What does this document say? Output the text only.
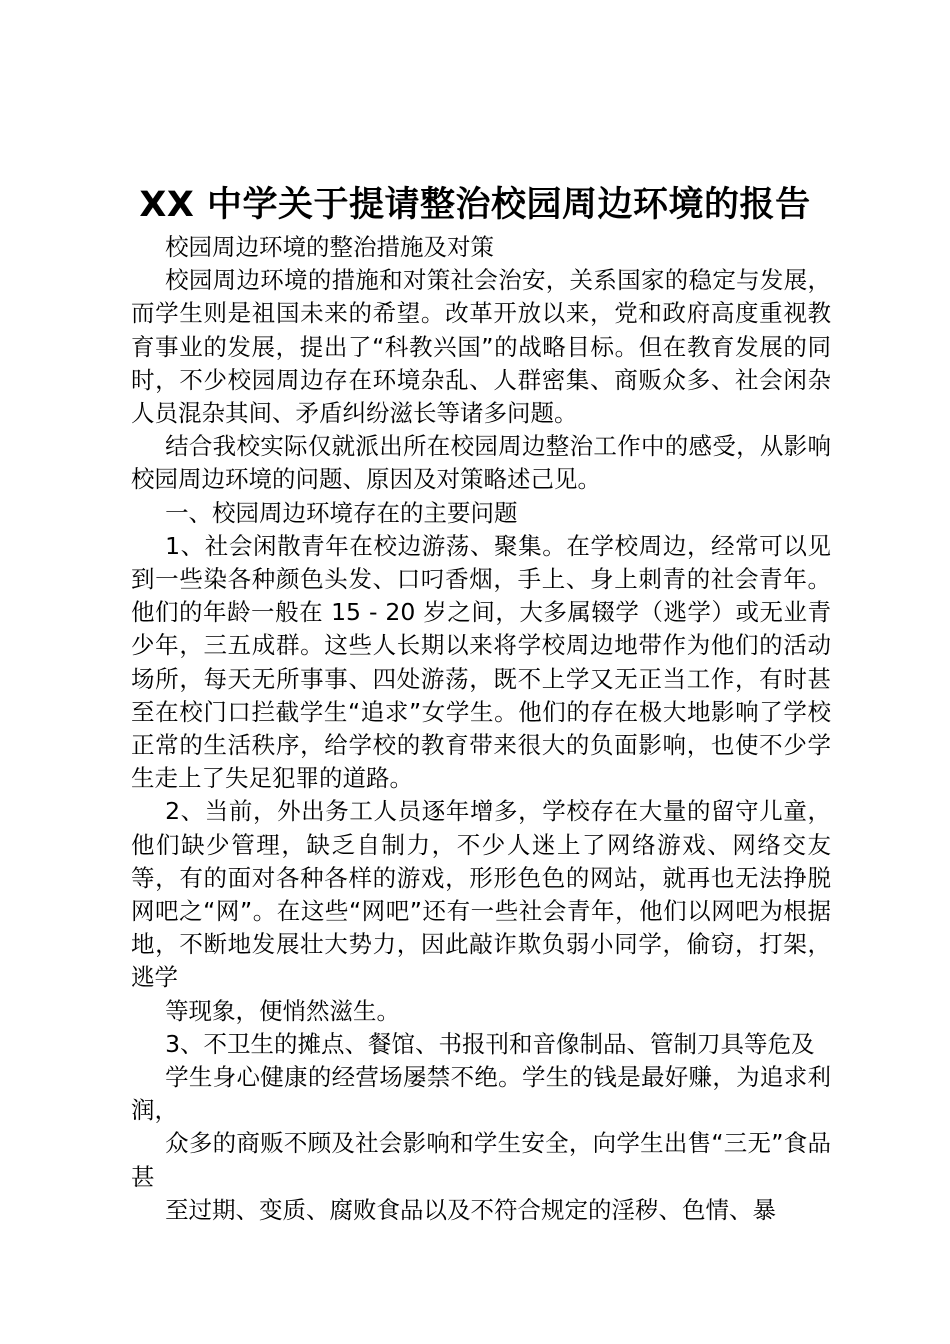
XX 中学关于提请整治校园周边环境的报告

校园周边环境的整治措施及对策

校园周边环境的措施和对策社会治安，关系国家的稳定与发展，而学生则是祖国未来的希望。改革开放以来，党和政府高度重视教育事业的发展，提出了“科教兴国”的战略目标。但在教育发展的同时，不少校园周边存在环境杂乱、人群密集、商贩众多、社会闲杂人员混杂其间、矛盾纠纷滋长等诸多问题。

结合我校实际仅就派出所在校园周边整治工作中的感受，从影响校园周边环境的问题、原因及对策略述己见。

一、校园周边环境存在的主要问题

1、社会闲散青年在校边游荡、聚集。在学校周边，经常可以见到一些染各种颜色头发、口叼香烟，手上、身上刺青的社会青年。他们的年龄一般在 15 - 20 岁之间，大多属辍学（逃学）或无业青少年，三五成群。这些人长期以来将学校周边地带作为他们的活动场所，每天无所事事、四处游荡，既不上学又无正当工作，有时甚至在校门口拦截学生“追求”女学生。他们的存在极大地影响了学校正常的生活秩序，给学校的教育带来很大的负面影响，也使不少学生走上了失足犯罪的道路。

2、当前，外出务工人员逐年增多，学校存在大量的留守儿童，他们缺少管理，缺乏自制力，不少人迷上了网络游戏、网络交友等，有的面对各种各样的游戏，形形色色的网站，就再也无法挣脱网吧之“网”。在这些“网吧”还有一些社会青年，他们以网吧为根据地，不断地发展壮大势力，因此敲诈欺负弱小同学，偷窃，打架，逃学

等现象，便悄然滋生。

3、不卫生的摊点、餐馆、书报刊和音像制品、管制刀具等危及

学生身心健康的经营场屡禁不绝。学生的钱是最好赚，为追求利润，

众多的商贩不顾及社会影响和学生安全，向学生出售“三无”食品甚

至过期、变质、腐败食品以及不符合规定的淫秽、色情、暴
